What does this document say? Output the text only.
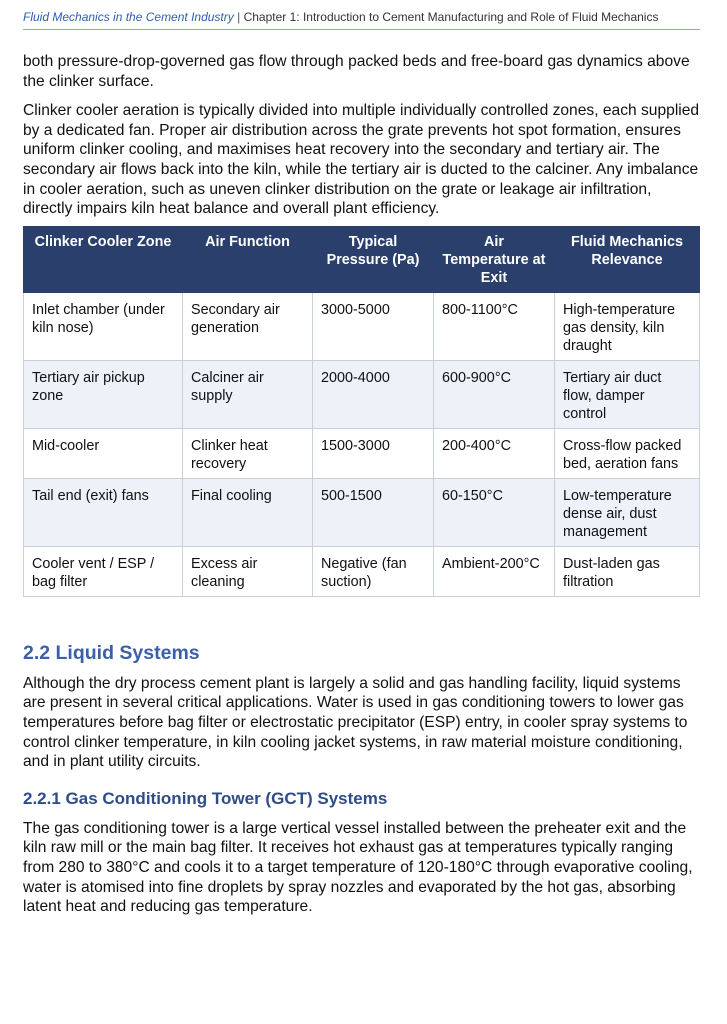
Fluid Mechanics in the Cement Industry | Chapter 1: Introduction to Cement Manufacturing and Role of Fluid Mechanics

both pressure-drop-governed gas flow through packed beds and free-board gas dynamics above the clinker surface.

Clinker cooler aeration is typically divided into multiple individually controlled zones, each supplied by a dedicated fan. Proper air distribution across the grate prevents hot spot formation, ensures uniform clinker cooling, and maximises heat recovery into the secondary and tertiary air. The secondary air flows back into the kiln, while the tertiary air is ducted to the calciner. Any imbalance in cooler aeration, such as uneven clinker distribution on the grate or leakage air infiltration, directly impairs kiln heat balance and overall plant efficiency.

Clinker Cooler Zone	Air Function	Typical Pressure (Pa)	Air Temperature at Exit	Fluid Mechanics Relevance
Inlet chamber (under kiln nose)	Secondary air generation	3000-5000	800-1100°C	High-temperature gas density, kiln draught
Tertiary air pickup zone	Calciner air supply	2000-4000	600-900°C	Tertiary air duct flow, damper control
Mid-cooler	Clinker heat recovery	1500-3000	200-400°C	Cross-flow packed bed, aeration fans
Tail end (exit) fans	Final cooling	500-1500	60-150°C	Low-temperature dense air, dust management
Cooler vent / ESP / bag filter	Excess air cleaning	Negative (fan suction)	Ambient-200°C	Dust-laden gas filtration
2.2 Liquid Systems

Although the dry process cement plant is largely a solid and gas handling facility, liquid systems are present in several critical applications. Water is used in gas conditioning towers to lower gas temperatures before bag filter or electrostatic precipitator (ESP) entry, in cooler spray systems to control clinker temperature, in kiln cooling jacket systems, in raw material moisture conditioning, and in plant utility circuits.

2.2.1 Gas Conditioning Tower (GCT) Systems

The gas conditioning tower is a large vertical vessel installed between the preheater exit and the kiln raw mill or the main bag filter. It receives hot exhaust gas at temperatures typically ranging from 280 to 380°C and cools it to a target temperature of 120-180°C through evaporative cooling, water is atomised into fine droplets by spray nozzles and evaporated by the hot gas, absorbing latent heat and reducing gas temperature.
